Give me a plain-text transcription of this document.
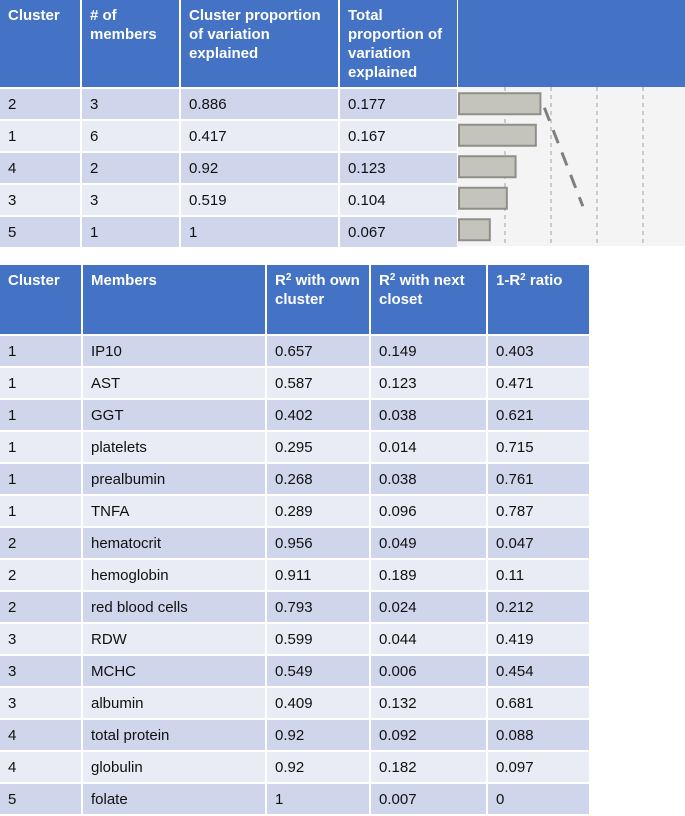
Cluster	# of members	Cluster proportion of variation explained	Total proportion of variation explained
2	3	0.886	0.177
1	6	0.417	0.167
4	2	0.92	0.123
3	3	0.519	0.104
5	1	1	0.067
Cluster	Members	$R^2$ with own cluster	$R^2$ with next closet	$1-R^2$ ratio
1	IP10	0.657	0.149	0.403
1	AST	0.587	0.123	0.471
1	GGT	0.402	0.038	0.621
1	platelets	0.295	0.014	0.715
1	prealbumin	0.268	0.038	0.761
1	TNFA	0.289	0.096	0.787
2	hematocrit	0.956	0.049	0.047
2	hemoglobin	0.911	0.189	0.11
2	red blood cells	0.793	0.024	0.212
3	RDW	0.599	0.044	0.419
3	MCHC	0.549	0.006	0.454
3	albumin	0.409	0.132	0.681
4	total protein	0.92	0.092	0.088
4	globulin	0.92	0.182	0.097
5	folate	1	0.007	0
